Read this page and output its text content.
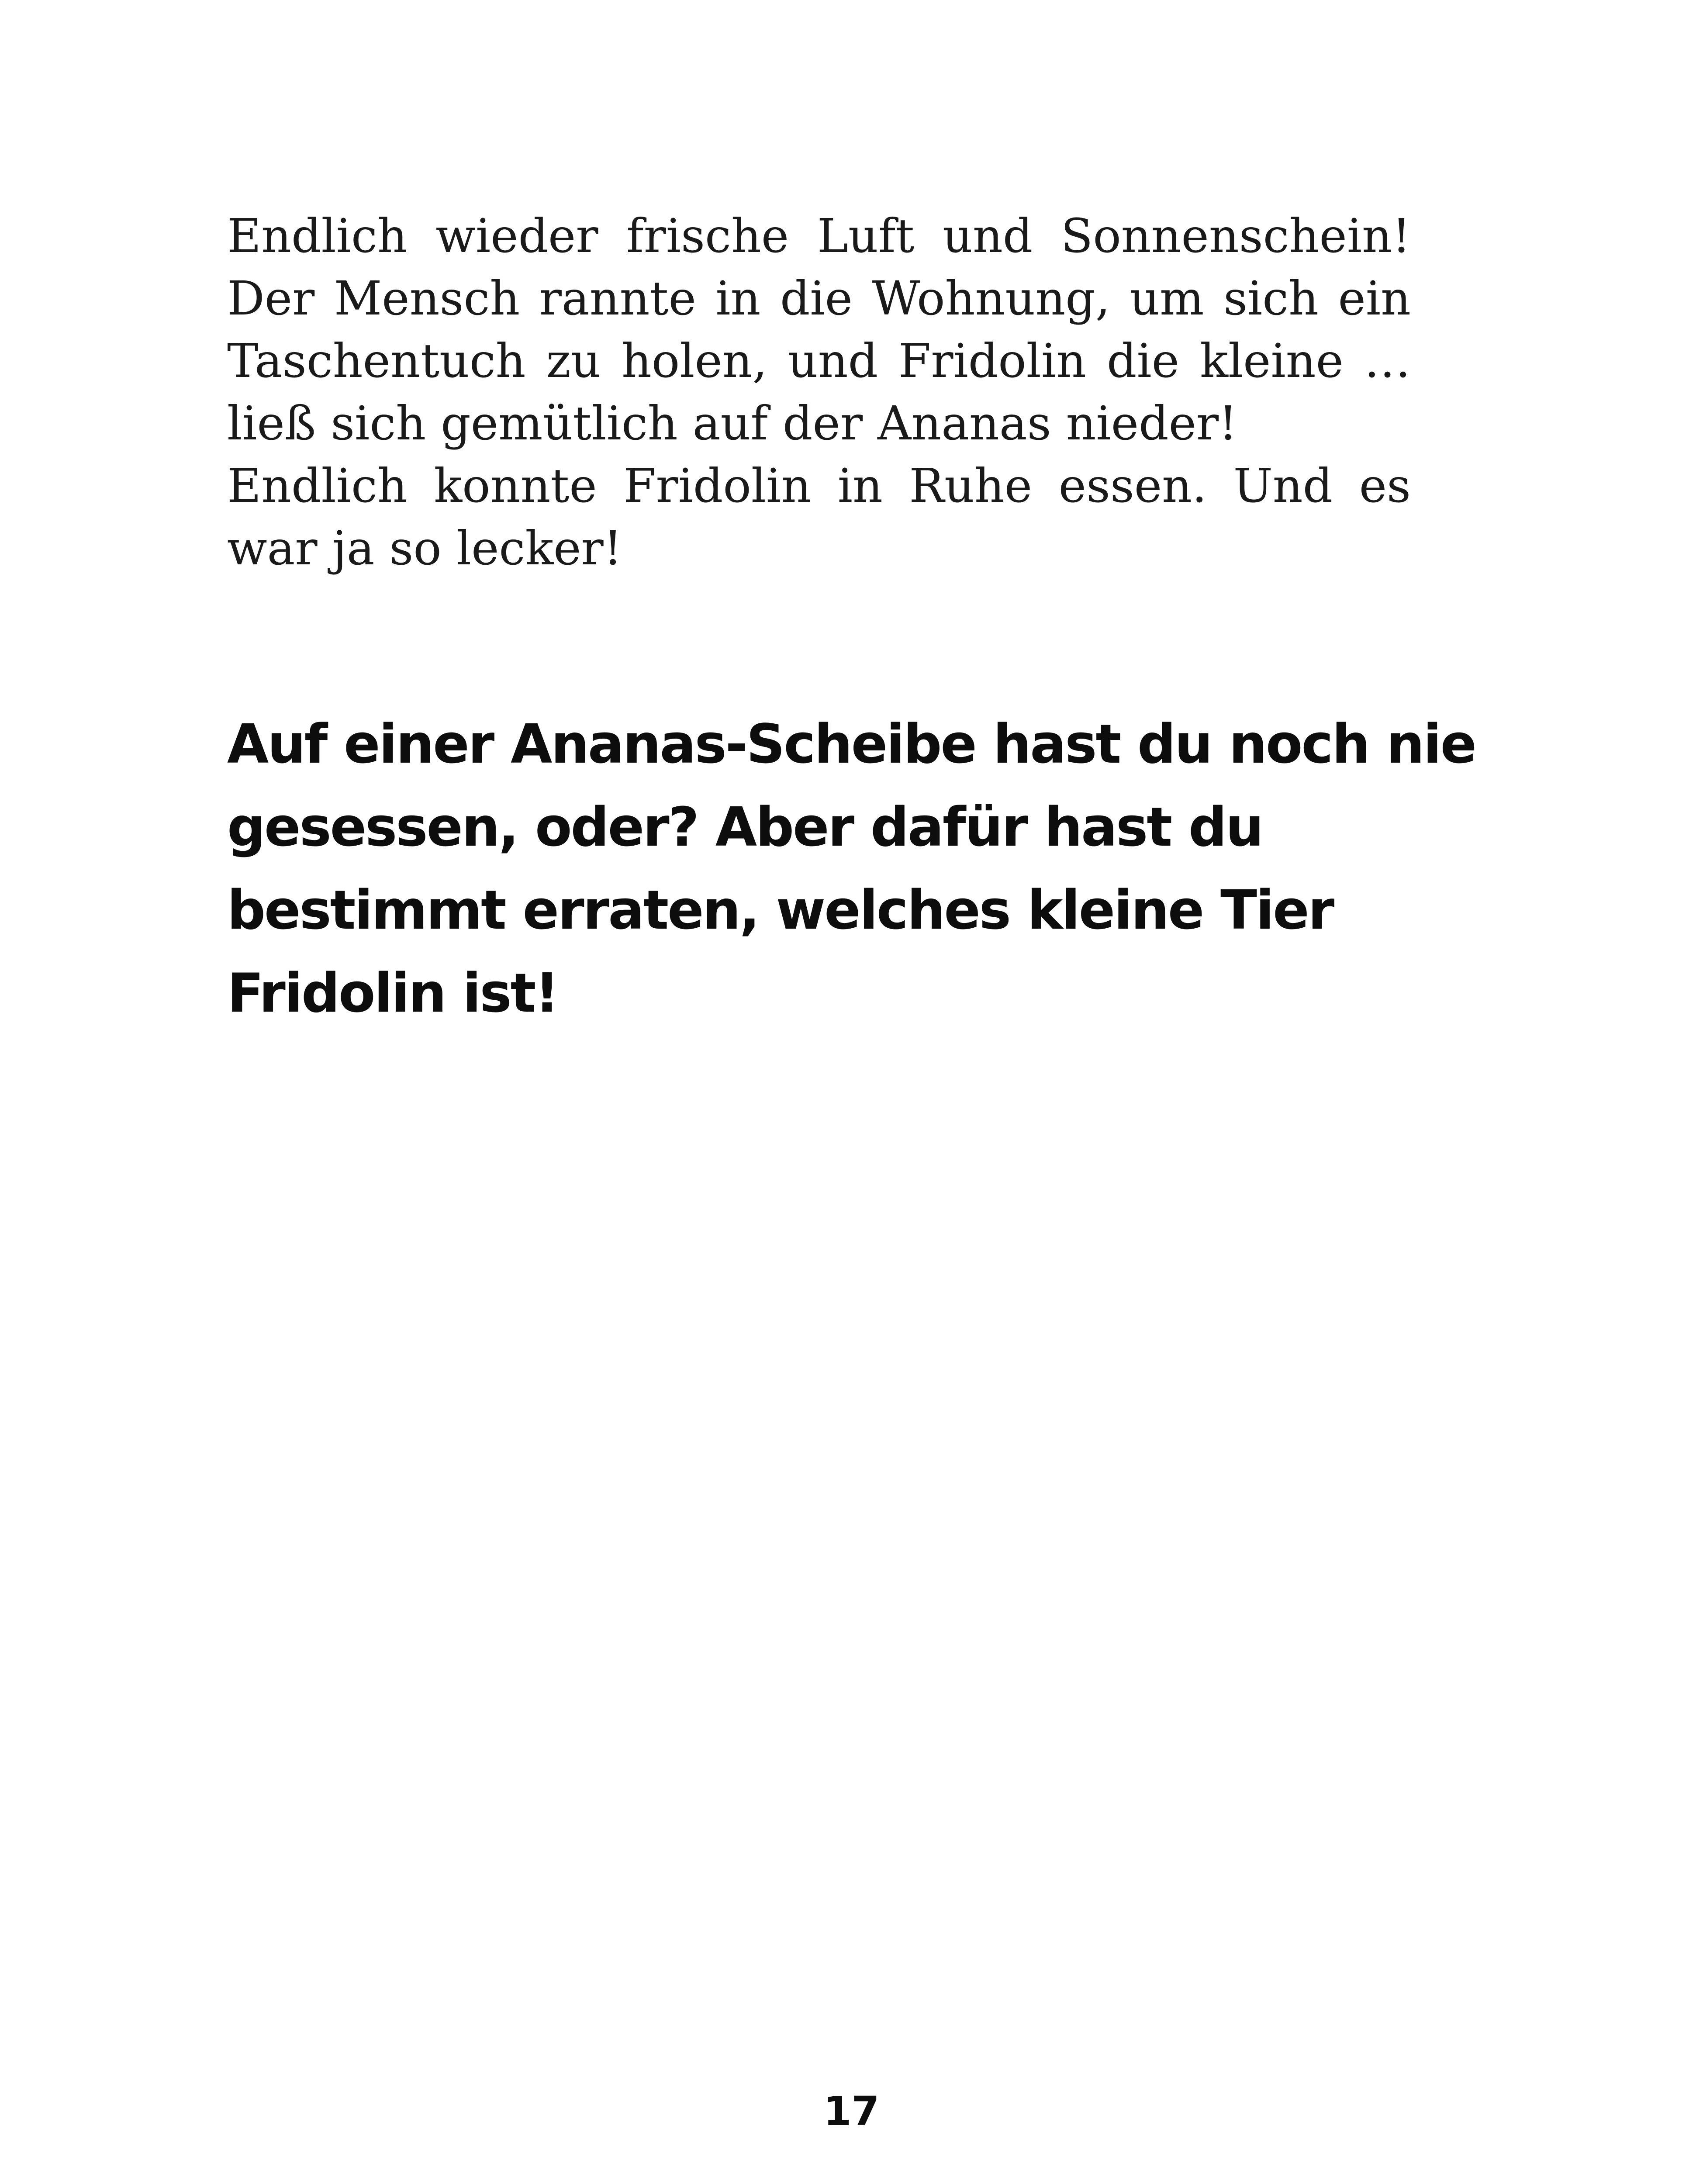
Endlich wieder frische Luft und Sonnenschein! Der Mensch rannte in die Wohnung, um sich ein Taschentuch zu holen, und Fridolin die kleine … ließ sich gemütlich auf der Ananas nieder!

Endlich konnte Fridolin in Ruhe essen. Und es war ja so lecker!

Auf einer Ananas-Scheibe hast du noch nie gesessen, oder? Aber dafür hast du bestimmt erraten, welches kleine Tier Fridolin ist!

17
